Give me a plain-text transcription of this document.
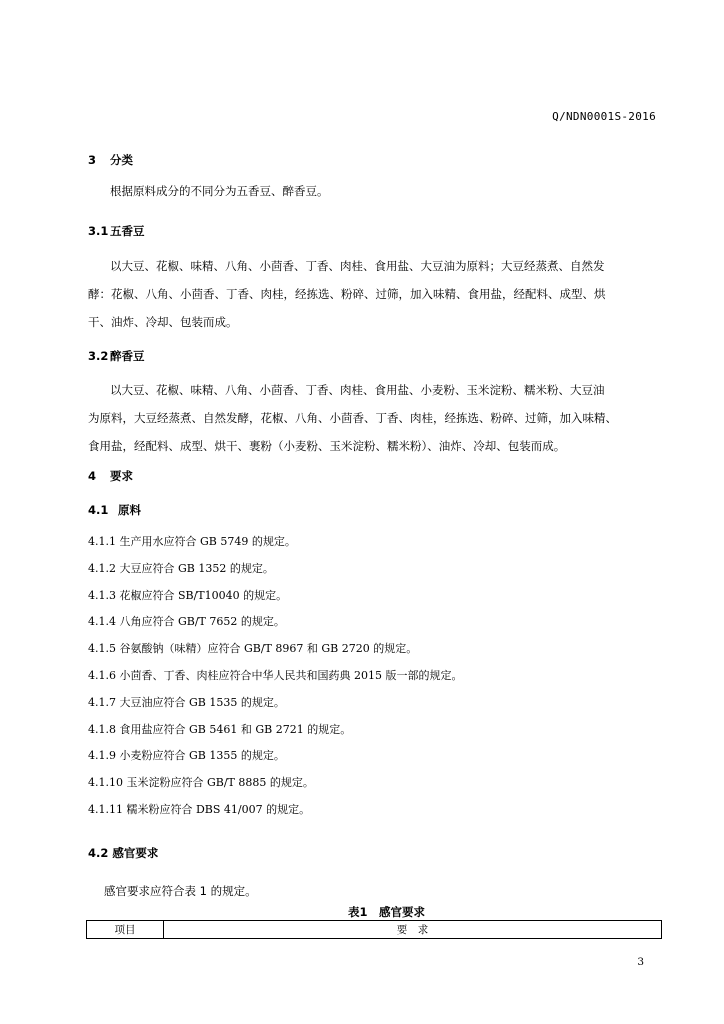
Q/NDN0001S-2016
3 分类
根据原料成分的不同分为五香豆、醉香豆。
3.1 五香豆
以大豆、花椒、味精、八角、小茴香、丁香、肉桂、食用盐、大豆油为原料；大豆经蒸煮、自然发
酵：花椒、八角、小茴香、丁香、肉桂，经拣选、粉碎、过筛，加入味精、食用盐，经配料、成型、烘
干、油炸、冷却、包装而成。
3.2 醉香豆
以大豆、花椒、味精、八角、小茴香、丁香、肉桂、食用盐、小麦粉、玉米淀粉、糯米粉、大豆油
为原料，大豆经蒸煮、自然发酵，花椒、八角、小茴香、丁香、肉桂，经拣选、粉碎、过筛，加入味精、
食用盐，经配料、成型、烘干、裹粉（小麦粉、玉米淀粉、糯米粉）、油炸、冷却、包装而成。
4 要求
4.1 原料
4.1.1 生产用水应符合 GB 5749 的规定。
4.1.2 大豆应符合 GB 1352 的规定。
4.1.3 花椒应符合 SB/T10040 的规定。
4.1.4 八角应符合 GB/T 7652 的规定。
4.1.5 谷氨酸钠（味精）应符合 GB/T 8967 和 GB 2720 的规定。
4.1.6 小茴香、丁香、肉桂应符合中华人民共和国药典 2015 版一部的规定。
4.1.7 大豆油应符合 GB 1535 的规定。
4.1.8 食用盐应符合 GB 5461 和 GB 2721 的规定。
4.1.9 小麦粉应符合 GB 1355 的规定。
4.1.10 玉米淀粉应符合 GB/T 8885 的规定。
4.1.11 糯米粉应符合 DBS 41/007 的规定。
4.2 感官要求
感官要求应符合表 1 的规定。
表1　感官要求
项目	要　求
3
